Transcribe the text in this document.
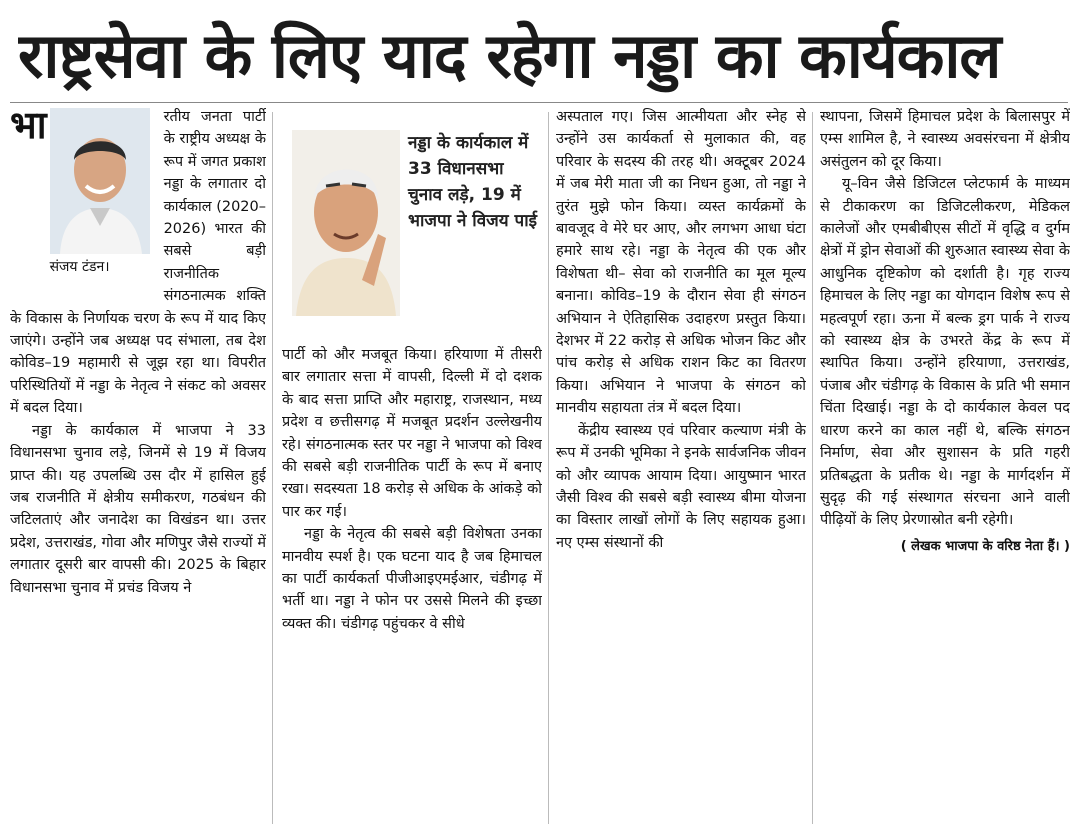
राष्ट्रसेवा के लिए याद रहेगा नड्डा का कार्यकाल

भा
संजय टंडन।
रतीय जनता पार्टी के राष्ट्रीय अध्यक्ष के रूप में जगत प्रकाश नड्डा के लगातार दो कार्यकाल (2020–2026) भारत की सबसे बड़ी राजनीतिक संगठनात्मक शक्ति के विकास के निर्णायक चरण के रूप में याद किए जाएंगे। उन्होंने जब अध्यक्ष पद संभाला, तब देश कोविड–19 महामारी से जूझ रहा था। विपरीत परिस्थितियों में नड्डा के नेतृत्व ने संकट को अवसर में बदल दिया।

नड्डा के कार्यकाल में भाजपा ने 33 विधानसभा चुनाव लड़े, जिनमें से 19 में विजय प्राप्त की। यह उपलब्धि उस दौर में हासिल हुई जब राजनीति में क्षेत्रीय समीकरण, गठबंधन की जटिलताएं और जनादेश का विखंडन था। उत्तर प्रदेश, उत्तराखंड, गोवा और मणिपुर जैसे राज्यों में लगातार दूसरी बार वापसी की। 2025 के बिहार विधानसभा चुनाव में प्रचंड विजय ने

नड्डा के कार्यकाल में 33 विधानसभा चुनाव लड़े, 19 में भाजपा ने विजय पाई

पार्टी को और मजबूत किया। हरियाणा में तीसरी बार लगातार सत्ता में वापसी, दिल्ली में दो दशक के बाद सत्ता प्राप्ति और महाराष्ट्र, राजस्थान, मध्य प्रदेश व छत्तीसगढ़ में मजबूत प्रदर्शन उल्लेखनीय रहे। संगठनात्मक स्तर पर नड्डा ने भाजपा को विश्व की सबसे बड़ी राजनीतिक पार्टी के रूप में बनाए रखा। सदस्यता 18 करोड़ से अधिक के आंकड़े को पार कर गई।

नड्डा के नेतृत्व की सबसे बड़ी विशेषता उनका मानवीय स्पर्श है। एक घटना याद है जब हिमाचल का पार्टी कार्यकर्ता पीजीआइएमईआर, चंडीगढ़ में भर्ती था। नड्डा ने फोन पर उससे मिलने की इच्छा व्यक्त की। चंडीगढ़ पहुंचकर वे सीधे

अस्पताल गए। जिस आत्मीयता और स्नेह से उन्होंने उस कार्यकर्ता से मुलाकात की, वह परिवार के सदस्य की तरह थी। अक्टूबर 2024 में जब मेरी माता जी का निधन हुआ, तो नड्डा ने तुरंत मुझे फोन किया। व्यस्त कार्यक्रमों के बावजूद वे मेरे घर आए, और लगभग आधा घंटा हमारे साथ रहे। नड्डा के नेतृत्व की एक और विशेषता थी– सेवा को राजनीति का मूल मूल्य बनाना। कोविड–19 के दौरान सेवा ही संगठन अभियान ने ऐतिहासिक उदाहरण प्रस्तुत किया। देशभर में 22 करोड़ से अधिक भोजन किट और पांच करोड़ से अधिक राशन किट का वितरण किया। अभियान ने भाजपा के संगठन को मानवीय सहायता तंत्र में बदल दिया।

केंद्रीय स्वास्थ्य एवं परिवार कल्याण मंत्री के रूप में उनकी भूमिका ने इनके सार्वजनिक जीवन को और व्यापक आयाम दिया। आयुष्मान भारत जैसी विश्व की सबसे बड़ी स्वास्थ्य बीमा योजना का विस्तार लाखों लोगों के लिए सहायक हुआ। नए एम्स संस्थानों की

स्थापना, जिसमें हिमाचल प्रदेश के बिलासपुर में एम्स शामिल है, ने स्वास्थ्य अवसंरचना में क्षेत्रीय असंतुलन को दूर किया।

यू–विन जैसे डिजिटल प्लेटफार्म के माध्यम से टीकाकरण का डिजिटलीकरण, मेडिकल कालेजों और एमबीबीएस सीटों में वृद्धि व दुर्गम क्षेत्रों में ड्रोन सेवाओं की शुरुआत स्वास्थ्य सेवा के आधुनिक दृष्टिकोण को दर्शाती है। गृह राज्य हिमाचल के लिए नड्डा का योगदान विशेष रूप से महत्वपूर्ण रहा। ऊना में बल्क ड्रग पार्क ने राज्य को स्वास्थ्य क्षेत्र के उभरते केंद्र के रूप में स्थापित किया। उन्होंने हरियाणा, उत्तराखंड, पंजाब और चंडीगढ़ के विकास के प्रति भी समान चिंता दिखाई। नड्डा के दो कार्यकाल केवल पद धारण करने का काल नहीं थे, बल्कि संगठन निर्माण, सेवा और सुशासन के प्रति गहरी प्रतिबद्धता के प्रतीक थे। नड्डा के मार्गदर्शन में सुदृढ़ की गई संस्थागत संरचना आने वाली पीढ़ियों के लिए प्रेरणास्रोत बनी रहेगी।

( लेखक भाजपा के वरिष्ठ नेता हैं। )
